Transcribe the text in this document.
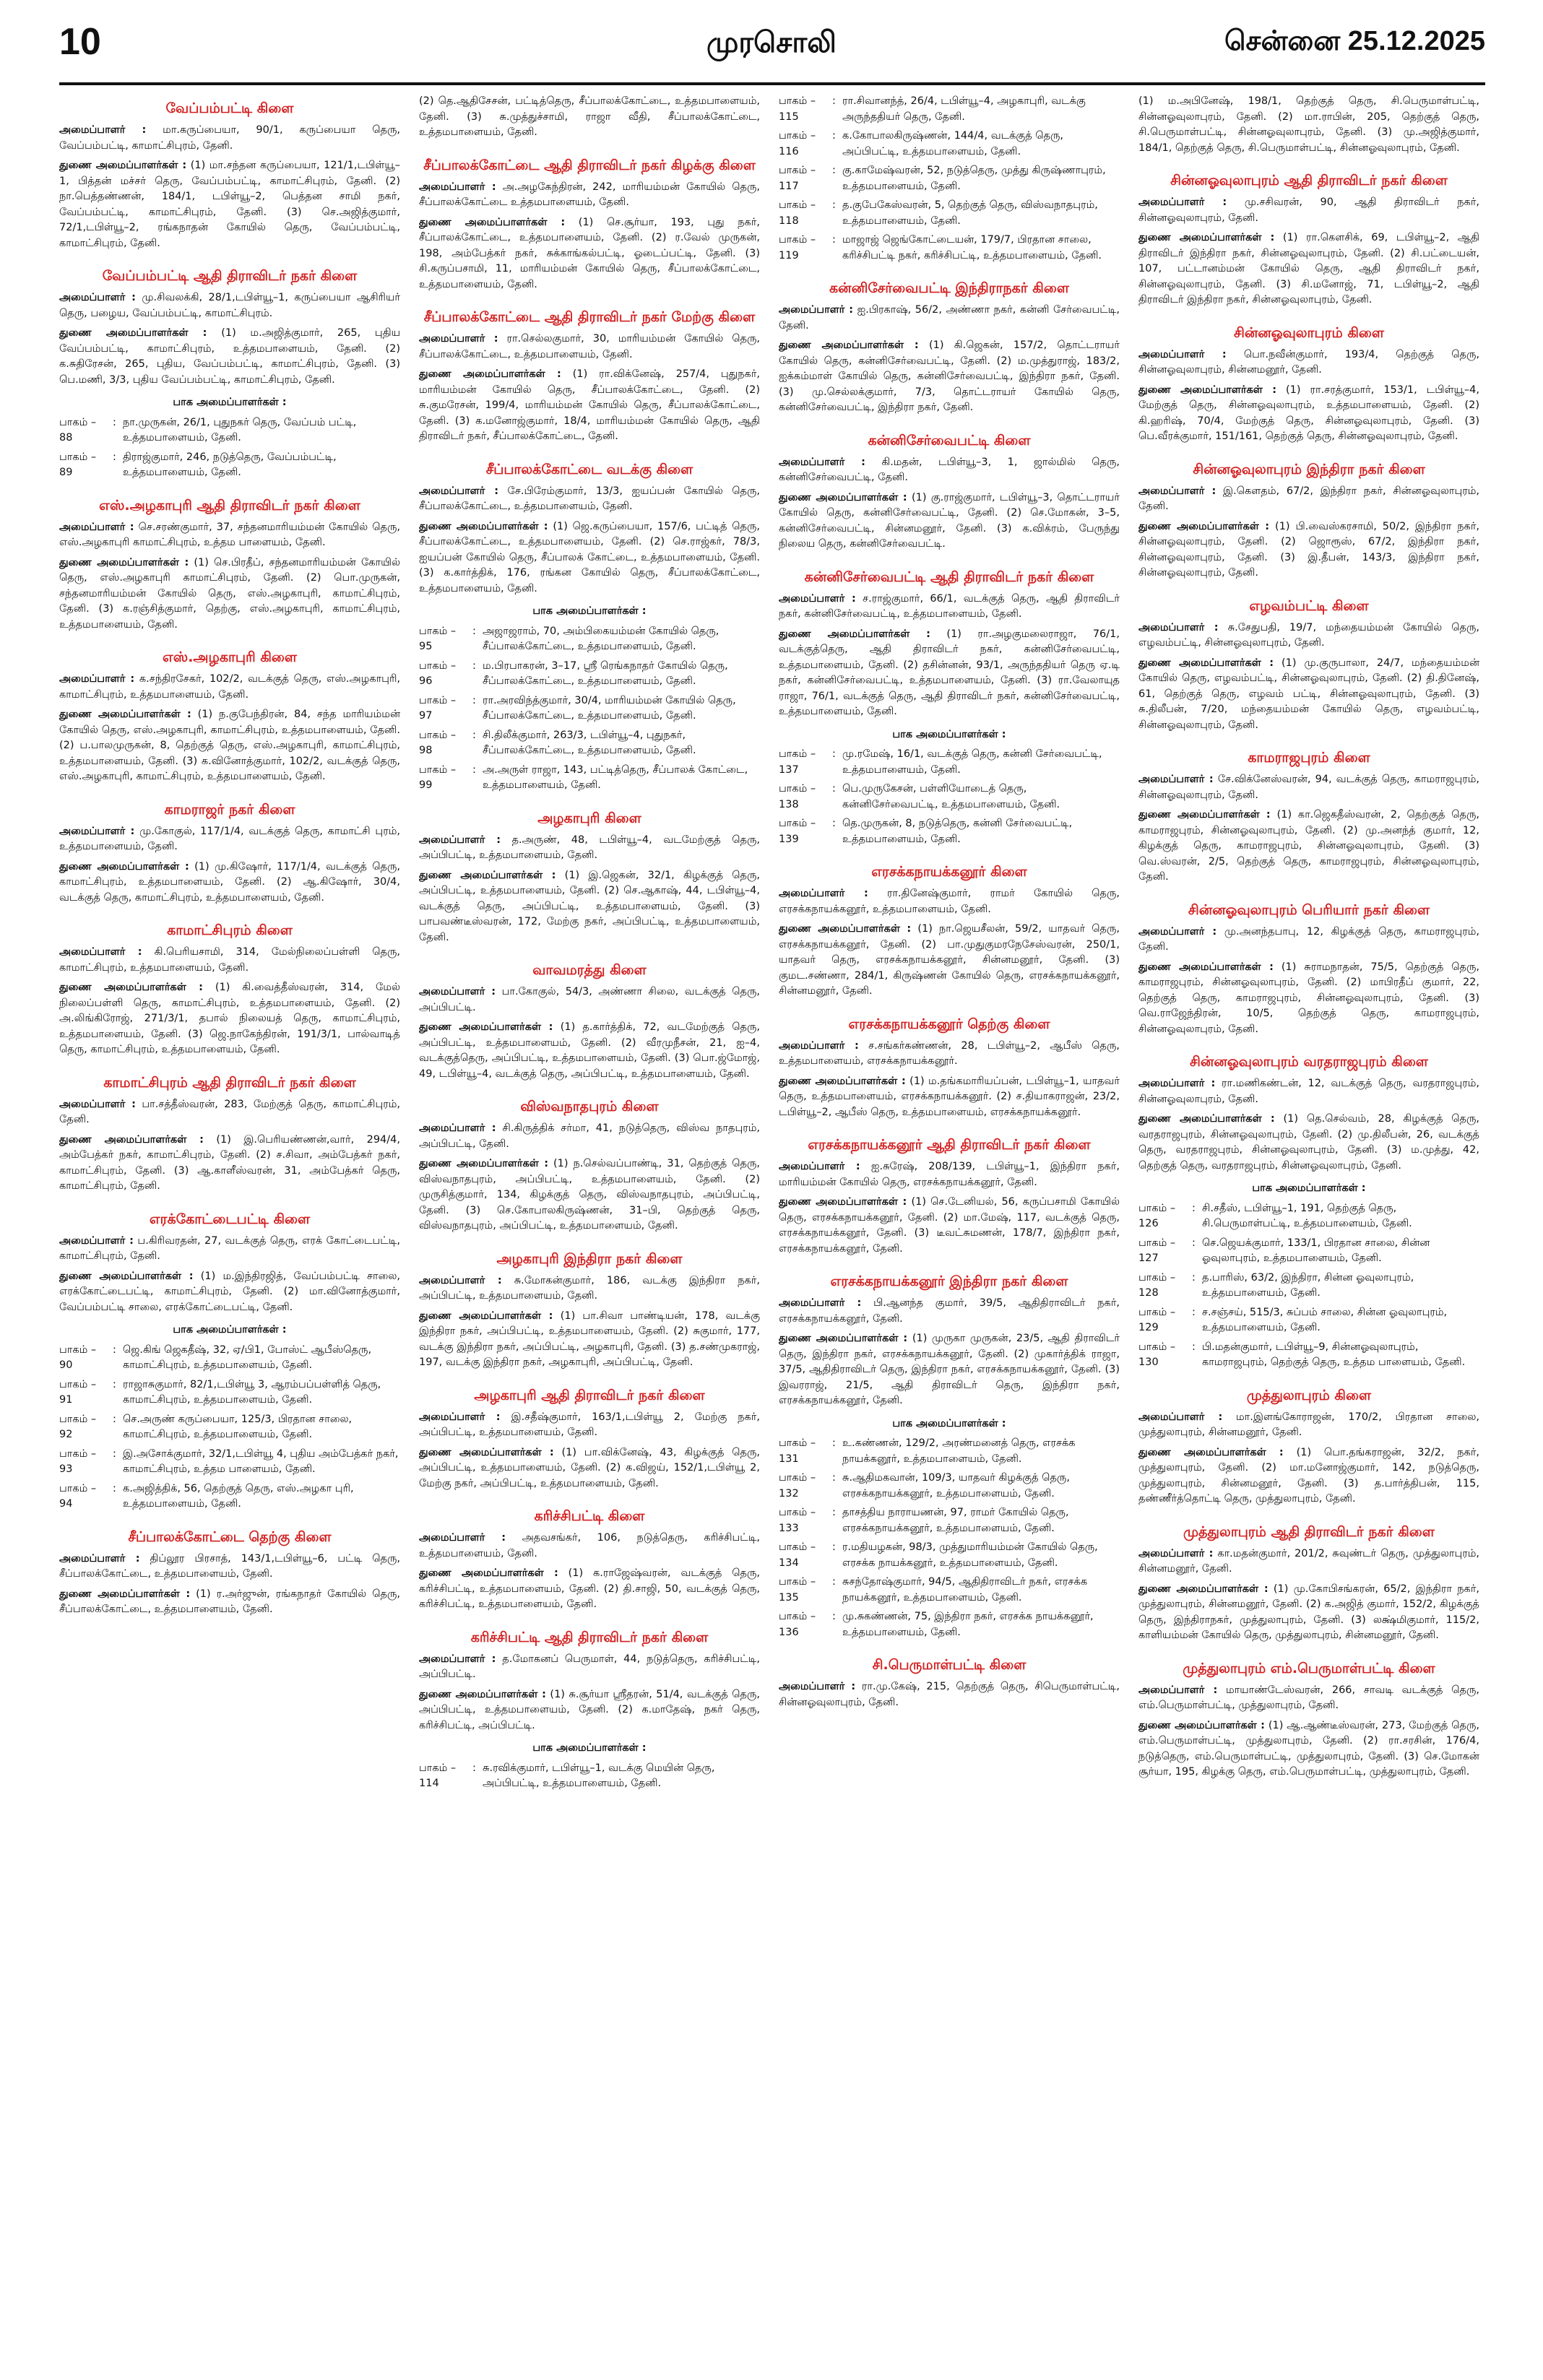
10	முரசொலி	சென்னை 25.12.2025
வேப்பம்பட்டி கிளை
அமைப்பாளர் : மா.கருப்பையா, 90/1, கருப்பையா தெரு, வேப்பம்பட்டி, காமாட்சிபுரம், தேனி.
துணை அமைப்பாளர்கள் : (1) மா.சந்தன கருப்பையா, 121/1,டபிள்யூ–1, பித்தன் மச்சர் தெரு, வேப்பம்பட்டி, காமாட்சிபுரம், தேனி. (2) நா.பெத்தண்ணன், 184/1, டபிள்யூ–2, பெத்தன சாமி நகர், வேப்பம்பட்டி, காமாட்சிபுரம், தேனி. (3) செ.அஜித்குமார், 72/1,டபிள்யூ–2, ரங்கநாதன் கோயில் தெரு, வேப்பம்பட்டி, காமாட்சிபுரம், தேனி.
வேப்பம்பட்டி ஆதி திராவிடர் நகர் கிளை
அமைப்பாளர் : மு.சிவலக்கி, 28/1,டபிள்யூ–1, கருப்பையா ஆசிரியர் தெரு, பழைய, வேப்பம்பட்டி, காமாட்சிபுரம்.
துணை அமைப்பாளர்கள் : (1) ம.அஜித்குமார், 265, புதிய வேப்பம்பட்டி, காமாட்சிபுரம், உத்தமபாளையம், தேனி. (2) க.சுதிரேசன், 265, புதிய, வேப்பம்பட்டி, காமாட்சிபுரம், தேனி. (3) பெ.மணி, 3/3, புதிய வேப்பம்பட்டி, காமாட்சிபுரம், தேனி.
பாக அமைப்பாளர்கள் :
பாகம் – 88
: நா.முருகன், 26/1, புதுநகர் தெரு, வேப்பம் பட்டி, உத்தமபாளையம், தேனி.
பாகம் – 89
: திராஜ்குமார், 246, நடுத்தெரு, வேப்பம்பட்டி, உத்தமபாளையம், தேனி.
எஸ்.அழகாபுரி ஆதி திராவிடர் நகர் கிளை
அமைப்பாளர் : செ.சரண்குமார், 37, சந்தனமாரியம்மன் கோயில் தெரு, எஸ்.அழகாபுரி காமாட்சிபுரம், உத்தம பாளையம், தேனி.
துணை அமைப்பாளர்கள் : (1) செ.பிரதீப், சந்தனமாரியம்மன் கோயில் தெரு, எஸ்.அழகாபுரி காமாட்சிபுரம், தேனி. (2) பொ.முருகன், சந்தனமாரியம்மன் கோயில் தெரு, எஸ்.அழகாபுரி, காமாட்சிபுரம், தேனி. (3) க.ரஞ்சித்குமார், தெற்கு, எஸ்.அழகாபுரி, காமாட்சிபுரம், உத்தமபாளையம், தேனி.
எஸ்.அழகாபுரி கிளை
அமைப்பாளர் : க.சந்திரசேகர், 102/2, வடக்குத் தெரு, எஸ்.அழகாபுரி, காமாட்சிபுரம், உத்தமபாளையம், தேனி.
துணை அமைப்பாளர்கள் : (1) ந.குபேந்திரன், 84, சந்த மாரியம்மன் கோயில் தெரு, எஸ்.அழகாபுரி, காமாட்சிபுரம், உத்தமபாளையம், தேனி. (2) ப.பாலமுருகன், 8, தெற்குத் தெரு, எஸ்.அழகாபுரி, காமாட்சிபுரம், உத்தமபாளையம், தேனி. (3) க.வினோத்குமார், 102/2, வடக்குத் தெரு, எஸ்.அழகாபுரி, காமாட்சிபுரம், உத்தமபாளையம், தேனி.
காமராஜர் நகர் கிளை
அமைப்பாளர் : மு.கோகுல், 117/1/4, வடக்குத் தெரு, காமாட்சி புரம், உத்தமபாளையம், தேனி.
துணை அமைப்பாளர்கள் : (1) மு.கிஷோர், 117/1/4, வடக்குத் தெரு, காமாட்சிபுரம், உத்தமபாளையம், தேனி. (2) ஆ.கிஷோர், 30/4, வடக்குத் தெரு, காமாட்சிபுரம், உத்தமபாளையம், தேனி.
காமாட்சிபுரம் கிளை
அமைப்பாளர் : கி.பெரியசாமி, 314, மேல்நிலைப்பள்ளி தெரு, காமாட்சிபுரம், உத்தமபாளையம், தேனி.
துணை அமைப்பாளர்கள் : (1) கி.வைத்தீஸ்வரன், 314, மேல் நிலைப்பள்ளி தெரு, காமாட்சிபுரம், உத்தமபாளையம், தேனி. (2) அ.லிங்கிரோஜ், 271/3/1, தபால் நிலையத் தெரு, காமாட்சிபுரம், உத்தமபாளையம், தேனி. (3) ஜெ.நாகேந்திரன், 191/3/1, பால்வாடித் தெரு, காமாட்சிபுரம், உத்தமபாளையம், தேனி.
காமாட்சிபுரம் ஆதி திராவிடர் நகர் கிளை
அமைப்பாளர் : பா.சத்தீஸ்வரன், 283, மேற்குத் தெரு, காமாட்சிபுரம், தேனி.
துணை அமைப்பாளர்கள் : (1) இ.பெரியண்ணன்,வார், 294/4, அம்பேத்கர் நகர், காமாட்சிபுரம், தேனி. (2) ச.சிவா, அம்பேத்கர் நகர், காமாட்சிபுரம், தேனி. (3) ஆ.காளீஸ்வரன், 31, அம்பேத்கர் தெரு, காமாட்சிபுரம், தேனி.
எரக்கோட்டைபட்டி கிளை
அமைப்பாளர் : ப.கிரிவரதன், 27, வடக்குத் தெரு, எரக் கோட்டைபட்டி, காமாட்சிபுரம், தேனி.
துணை அமைப்பாளர்கள் : (1) ம.இந்திரஜித், வேப்பம்பட்டி சாலை, எரக்கோட்டைபட்டி, காமாட்சிபுரம், தேனி. (2) மா.வினோத்குமார், வேப்பம்பட்டி சாலை, எரக்கோட்டைபட்டி, தேனி.
பாக அமைப்பாளர்கள் :
பாகம் – 90
: ஜெ.கிங் ஜெகதீஷ், 32, ஏ/பி1, போஸ்ட் ஆபீஸ்தெரு, காமாட்சிபுரம், உத்தமபாளையம், தேனி.
பாகம் – 91
: ராஜாசுகுமார், 82/1,டபிள்யூ 3, ஆரம்பப்பள்ளித் தெரு, காமாட்சிபுரம், உத்தமபாளையம், தேனி.
பாகம் – 92
: செ.அருண் கருப்பையா, 125/3, பிரதான சாலை, காமாட்சிபுரம், உத்தமபாளையம், தேனி.
பாகம் – 93
: இ.அசோக்குமார், 32/1,டபிள்யூ 4, புதிய அம்பேத்கர் நகர், காமாட்சிபுரம், உத்தம பாளையம், தேனி.
பாகம் – 94
: க.அஜித்திக், 56, தெற்குத் தெரு, எஸ்.அழகா புரி, உத்தமபாளையம், தேனி.
சீப்பாலக்கோட்டை தெற்கு கிளை
அமைப்பாளர் : திப்லூர பிரசாத், 143/1,டபிள்யூ–6, பட்டி தெரு, சீப்பாலக்கோட்டை, உத்தமபாளையம், தேனி.
துணை அமைப்பாளர்கள் : (1) ர.அர்ஜுன், ரங்கநாதர் கோயில் தெரு, சீப்பாலக்கோட்டை, உத்தமபாளையம், தேனி.
(2) தெ.ஆதிசேசன், பட்டித்தெரு, சீப்பாலக்கோட்டை, உத்தமபாளையம், தேனி. (3) சு.முத்துச்சாமி, ராஜா வீதி, சீப்பாலக்கோட்டை, உத்தமபாளையம், தேனி.
சீப்பாலக்கோட்டை ஆதி திராவிடர் நகர் கிழக்கு கிளை
அமைப்பாளர் : அ.அழகேந்திரன், 242, மாரியம்மன் கோயில் தெரு, சீப்பாலக்கோட்டை உத்தமபாளையம், தேனி.
துணை அமைப்பாளர்கள் : (1) செ.சூர்யா, 193, புது நகர், சீப்பாலக்கோட்டை, உத்தமபாளையம், தேனி. (2) ர.வேல் முருகன், 198, அம்பேத்கர் நகர், சுக்காங்கல்பட்டி, ஓடைப்பட்டி, தேனி. (3) சி.கருப்பசாமி, 11, மாரியம்மன் கோயில் தெரு, சீப்பாலக்கோட்டை, உத்தமபாளையம், தேனி.
சீப்பாலக்கோட்டை ஆதி திராவிடர் நகர் மேற்கு கிளை
அமைப்பாளர் : ரா.செல்லகுமார், 30, மாரியம்மன் கோயில் தெரு, சீப்பாலக்கோட்டை, உத்தமபாளையம், தேனி.
துணை அமைப்பாளர்கள் : (1) ரா.விக்னேஷ், 257/4, புதுநகர், மாரியம்மன் கோயில் தெரு, சீப்பாலக்கோட்டை, தேனி. (2) சு.குமரேசன், 199/4, மாரியம்மன் கோயில் தெரு, சீப்பாலக்கோட்டை, தேனி. (3) க.மனோஜ்குமார், 18/4, மாரியம்மன் கோயில் தெரு, ஆதி திராவிடர் நகர், சீப்பாலக்கோட்டை, தேனி.
சீப்பாலக்கோட்டை வடக்கு கிளை
அமைப்பாளர் : சே.பிரேம்குமார், 13/3, ஐயப்பன் கோயில் தெரு, சீப்பாலக்கோட்டை, உத்தமபாளையம், தேனி.
துணை அமைப்பாளர்கள் : (1) ஜெ.கருப்பையா, 157/6, பட்டித் தெரு, சீப்பாலக்கோட்டை, உத்தமபாளையம், தேனி. (2) செ.ராஜ்கர், 78/3, ஐயப்பன் கோயில் தெரு, சீப்பாலக் கோட்டை, உத்தமபாளையம், தேனி. (3) க.கார்த்திக், 176, ரங்கன கோயில் தெரு, சீப்பாலக்கோட்டை, உத்தமபாளையம், தேனி.
பாக அமைப்பாளர்கள் :
பாகம் – 95
: அஜாஜராம், 70, அம்பிகையம்மன் கோயில் தெரு, சீப்பாலக்கோட்டை, உத்தமபாளையம், தேனி.
பாகம் – 96
: ம.பிரபாகரன், 3–17, ஸ்ரீ ரெங்கநாதர் கோயில் தெரு, சீப்பாலக்கோட்டை, உத்தமபாளையம், தேனி.
பாகம் – 97
: ரா.அரவிந்த்குமார், 30/4, மாரியம்மன் கோயில் தெரு, சீப்பாலக்கோட்டை, உத்தமபாளையம், தேனி.
பாகம் – 98
: சி.திலீக்குமார், 263/3, டபிள்யூ–4, புதுநகர், சீப்பாலக்கோட்டை, உத்தமபாளையம், தேனி.
பாகம் – 99
: அ.அருள் ராஜா, 143, பட்டித்தெரு, சீப்பாலக் கோட்டை, உத்தமபாளையம், தேனி.
அழகாபுரி கிளை
அமைப்பாளர் : த.அருண், 48, டபிள்யூ–4, வடமேற்குத் தெரு, அப்பிபட்டி, உத்தமபாளையம், தேனி.
துணை அமைப்பாளர்கள் : (1) இ.ஜெகன், 32/1, கிழக்குத் தெரு, அப்பிபட்டி, உத்தமபாளையம், தேனி. (2) செ.ஆகாஷ், 44, டபிள்யூ–4, வடக்குத் தெரு, அப்பிபட்டி, உத்தமபாளையம், தேனி. (3) பாபவண்டீஸ்வரன், 172, மேற்கு நகர், அப்பிபட்டி, உத்தமபாளையம், தேனி.
வாவமரத்து கிளை
அமைப்பாளர் : பா.கோகுல், 54/3, அண்ணா சிலை, வடக்குத் தெரு, அப்பிபட்டி.
துணை அமைப்பாளர்கள் : (1) த.கார்த்திக், 72, வடமேற்குத் தெரு, அப்பிபட்டி, உத்தமபாளையம், தேனி. (2) வீரமுநீசன், 21, ஐ–4, வடக்குத்தெரு, அப்பிபட்டி, உத்தமபாளையம், தேனி. (3) பொ.ஜ்மோஜ், 49, டபிள்யூ–4, வடக்குத் தெரு, அப்பிபட்டி, உத்தமபாளையம், தேனி.
விஸ்வநாதபுரம் கிளை
அமைப்பாளர் : சி.கிருத்திக் சர்மா, 41, நடுத்தெரு, விஸ்வ நாதபுரம், அப்பிபட்டி, தேனி.
துணை அமைப்பாளர்கள் : (1) ந.செல்வப்பாண்டி, 31, தெற்குத் தெரு, விஸ்வநாதபுரம், அப்பிபட்டி, உத்தமபாளையம், தேனி. (2) முருசித்குமார், 134, கிழக்குத் தெரு, விஸ்வநாதபுரம், அப்பிபட்டி, தேனி. (3) செ.கோபாலகிருஷ்ணன், 31–பி, தெற்குத் தெரு, விஸ்வநாதபுரம், அப்பிபட்டி, உத்தமபாளையம், தேனி.
அழகாபுரி இந்திரா நகர் கிளை
அமைப்பாளர் : சு.மோகன்குமார், 186, வடக்கு இந்திரா நகர், அப்பிபட்டி, உத்தமபாளையம், தேனி.
துணை அமைப்பாளர்கள் : (1) பா.சிவா பாண்டியன், 178, வடக்கு இந்திரா நகர், அப்பிபட்டி, உத்தமபாளையம், தேனி. (2) சுகுமார், 177, வடக்கு இந்திரா நகர், அப்பிபட்டி, அழகாபுரி, தேனி. (3) த.சண்முகராஜ், 197, வடக்கு இந்திரா நகர், அழகாபுரி, அப்பிபட்டி, தேனி.
அழகாபுரி ஆதி திராவிடர் நகர் கிளை
அமைப்பாளர் : இ.சதீஷ்குமார், 163/1,டபிள்யூ 2, மேற்கு நகர், அப்பிபட்டி, உத்தமபாளையம், தேனி.
துணை அமைப்பாளர்கள் : (1) பா.விக்னேஷ், 43, கிழக்குத் தெரு, அப்பிபட்டி, உத்தமபாளையம், தேனி. (2) க.விஜய், 152/1,டபிள்யூ 2, மேற்கு நகர், அப்பிபட்டி, உத்தமபாளையம், தேனி.
கரிச்சிபட்டி கிளை
அமைப்பாளர் : அதவசங்கர், 106, நடுத்தெரு, கரிச்சிபட்டி, உத்தமபாளையம், தேனி.
துணை அமைப்பாளர்கள் : (1) க.ராஜேஷ்வரன், வடக்குத் தெரு, கரிச்சிபட்டி, உத்தமபாளையம், தேனி. (2) தி.சாஜி, 50, வடக்குத் தெரு, கரிச்சிபட்டி, உத்தமபாளையம், தேனி.
கரிச்சிபட்டி ஆதி திராவிடர் நகர் கிளை
அமைப்பாளர் : த.மோகனப் பெருமாள், 44, நடுத்தெரு, கரிச்சிபட்டி, அப்பிபட்டி.
துணை அமைப்பாளர்கள் : (1) சு.சூர்யா ஸ்ரீதரன், 51/4, வடக்குத் தெரு, அப்பிபட்டி, உத்தமபாளையம், தேனி. (2) க.மாதேஷ், நகர் தெரு, கரிச்சிபட்டி, அப்பிபட்டி.
பாக அமைப்பாளர்கள் :
பாகம் – 114
: சு.ரவிக்குமார், டபிள்யூ–1, வடக்கு மெயின் தெரு, அப்பிபட்டி, உத்தமபாளையம், தேனி.
பாகம் – 115
: ரா.சிவானந்த், 26/4, டபிள்யூ–4, அழகாபுரி, வடக்கு அருந்ததியர் தெரு, தேனி.
பாகம் – 116
: க.கோபாலகிருஷ்ணன், 144/4, வடக்குத் தெரு, அப்பிபட்டி, உத்தமபாளையம், தேனி.
பாகம் – 117
: கு.காமேஷ்வரன், 52, நடுத்தெரு, முத்து கிருஷ்ணாபுரம், உத்தமபாளையம், தேனி.
பாகம் – 118
: த.குபேகேஸ்வரன், 5, தெற்குத் தெரு, விஸ்வநாதபுரம், உத்தமபாளையம், தேனி.
பாகம் – 119
: மாஜாஜ் ஜெங்கோட்டையன், 179/7, பிரதான சாலை, கரிச்சிபட்டி நகர், கரிச்சிபட்டி, உத்தமபாளையம், தேனி.
கன்னிசேர்வைபட்டி இந்திராநகர் கிளை
அமைப்பாளர் : ஐ.பிரகாஷ், 56/2, அண்ணா நகர், கன்னி சேர்வைபட்டி, தேனி.
துணை அமைப்பாளர்கள் : (1) கி.ஜெகன், 157/2, தொட்டராயர் கோயில் தெரு, கன்னிசேர்வைபட்டி, தேனி. (2) ம.முத்துராஜ், 183/2, ஐக்கம்மாள் கோயில் தெரு, கன்னிசேர்வைபட்டி, இந்திரா நகர், தேனி. (3) மு.செல்லக்குமார், 7/3, தொட்டராயர் கோயில் தெரு, கன்னிசேர்வைபட்டி, இந்திரா நகர், தேனி.
கன்னிசேர்வைபட்டி கிளை
அமைப்பாளர் : கி.மதன், டபிள்யூ–3, 1, ஜால்மில் தெரு, கன்னிசேர்வைபட்டி, தேனி.
துணை அமைப்பாளர்கள் : (1) கு.ராஜ்குமார், டபிள்யூ–3, தொட்டராயர் கோயில் தெரு, கன்னிசேர்வைபட்டி, தேனி. (2) செ.மோகன், 3–5, கன்னிசேர்வைபட்டி, சின்னமனூர், தேனி. (3) க.விக்ரம், பேருந்து நிலைய தெரு, கன்னிசேர்வைபட்டி.
கன்னிசேர்வைபட்டி ஆதி திராவிடர் நகர் கிளை
அமைப்பாளர் : ச.ராஜ்குமார், 66/1, வடக்குத் தெரு, ஆதி திராவிடர் நகர், கன்னிசேர்வைபட்டி, உத்தமபாளையம், தேனி.
துணை அமைப்பாளர்கள் : (1) ரா.அழகுமலைராஜா, 76/1, வடக்குத்தெரு, ஆதி திராவிடர் நகர், கன்னிசேர்வைபட்டி, உத்தமபாளையம், தேனி. (2) தசின்னன், 93/1, அருந்ததியர் தெரு ஏ.டி நகர், கன்னிசேர்வைபட்டி, உத்தமபாளையம், தேனி. (3) ரா.வேலாயுத ராஜா, 76/1, வடக்குத் தெரு, ஆதி திராவிடர் நகர், கன்னிசேர்வைபட்டி, உத்தமபாளையம், தேனி.
பாக அமைப்பாளர்கள் :
பாகம் – 137
: மு.ரமேஷ், 16/1, வடக்குத் தெரு, கன்னி சேர்வைபட்டி, உத்தமபாளையம், தேனி.
பாகம் – 138
: பெ.முருகேசன், பள்ளியோடைத் தெரு, கன்னிசேர்வைபட்டி, உத்தமபாளையம், தேனி.
பாகம் – 139
: தெ.முருகன், 8, நடுத்தெரு, கன்னி சேர்வைபட்டி, உத்தமபாளையம், தேனி.
எரசக்கநாயக்கனூர் கிளை
அமைப்பாளர் : ரா.தினேஷ்குமார், ராமர் கோயில் தெரு, எரசக்கநாயக்கனூர், உத்தமபாளையம், தேனி.
துணை அமைப்பாளர்கள் : (1) நா.ஜெயசீலன், 59/2, யாதவர் தெரு, எரசக்கநாயக்கனூர், தேனி. (2) பா.முதுகுமரநேசேஸ்வரன், 250/1, யாதவர் தெரு, எரசக்கநாயக்கனூர், சின்னமனூர், தேனி. (3) குமட.சண்ணா, 284/1, கிருஷ்ணன் கோயில் தெரு, எரசக்கநாயக்கனூர், சின்னமனூர், தேனி.
எரசக்கநாயக்கனூர் தெற்கு கிளை
அமைப்பாளர் : ச.சங்கர்கண்ணன், 28, டபிள்யூ–2, ஆபீஸ் தெரு, உத்தமபாளையம், எரசக்கநாயக்கனூர்.
துணை அமைப்பாளர்கள் : (1) ம.தங்கமாரியப்பன், டபிள்யூ–1, யாதவர் தெரு, உத்தமபாளையம், எரசக்கநாயக்கனூர். (2) ச.தியாகராஜன், 23/2, டபிள்யூ–2, ஆபீஸ் தெரு, உத்தமபாளையம், எரசக்கநாயக்கனூர்.
எரசக்கநாயக்கனூர் ஆதி திராவிடர் நகர் கிளை
அமைப்பாளர் : ஐ.சுரேஷ், 208/139, டபிள்யூ–1, இந்திரா நகர், மாரியம்மன் கோயில் தெரு, எரசக்கநாயக்கனூர், தேனி.
துணை அமைப்பாளர்கள் : (1) செ.டேனியல், 56, கருப்பசாமி கோயில் தெரு, எரசக்கநாயக்கனூர், தேனி. (2) மா.மேஷ், 117, வடக்குத் தெரு, எரசக்கநாயக்கனூர், தேனி. (3) டீவட்சுமணன், 178/7, இந்திரா நகர், எரசக்கநாயக்கனூர், தேனி.
எரசக்கநாயக்கனூர் இந்திரா நகர் கிளை
அமைப்பாளர் : பி.ஆனந்த குமார், 39/5, ஆதிதிராவிடர் நகர், எரசக்கநாயக்கனூர், தேனி.
துணை அமைப்பாளர்கள் : (1) முருகா முருகன், 23/5, ஆதி திராவிடர் தெரு, இந்திரா நகர், எரசக்கநாயக்கனூர், தேனி. (2) முகார்த்திக் ராஜா, 37/5, ஆதிதிராவிடர் தெரு, இந்திரா நகர், எரசக்கநாயக்கனூர், தேனி. (3) இவரராஜ், 21/5, ஆதி திராவிடர் தெரு, இந்திரா நகர், எரசக்கநாயக்கனூர், தேனி.
பாக அமைப்பாளர்கள் :
பாகம் – 131
: உ.கண்ணன், 129/2, அரண்மனைத் தெரு, எரசக்க நாயக்கனூர், உத்தமபாளையம், தேனி.
பாகம் – 132
: சு.ஆதிமகவான், 109/3, யாதவர் கிழக்குத் தெரு, எரசக்கநாயக்கனூர், உத்தமபாளையம், தேனி.
பாகம் – 133
: தாசத்திய நாராயணன், 97, ராமர் கோயில் தெரு, எரசக்கநாயக்கனூர், உத்தமபாளையம், தேனி.
பாகம் – 134
: ர.மதியழகன், 98/3, முத்துமாரியம்மன் கோயில் தெரு, எரசக்க நாயக்கனூர், உத்தமபாளையம், தேனி.
பாகம் – 135
: சுசந்தோஷ்குமார், 94/5, ஆதிதிராவிடர் நகர், எரசக்க நாயக்கனூர், உத்தமபாளையம், தேனி.
பாகம் – 136
: மு.சுகண்ணன், 75, இந்திரா நகர், எரசக்க நாயக்கனூர், உத்தமபாளையம், தேனி.
சி.பெருமாள்பட்டி கிளை
அமைப்பாளர் : ரா.மு.கேஷ், 215, தெற்குத் தெரு, சிபெருமாள்பட்டி, சின்னஓவுலாபுரம், தேனி.
(1) ம.அபினேஷ், 198/1, தெற்குத் தெரு, சி.பெருமாள்பட்டி, சின்னஓவுலாபுரம், தேனி. (2) மா.ராபின், 205, தெற்குத் தெரு, சி.பெருமாள்பட்டி, சின்னஓவுலாபுரம், தேனி. (3) மு.அஜித்குமார், 184/1, தெற்குத் தெரு, சி.பெருமாள்பட்டி, சின்னஓவுலாபுரம், தேனி.
சின்னஓவுலாபுரம் ஆதி திராவிடர் நகர் கிளை
அமைப்பாளர் : மு.சசிவரன், 90, ஆதி திராவிடர் நகர், சின்னஓவுலாபுரம், தேனி.
துணை அமைப்பாளர்கள் : (1) ரா.கௌசிக், 69, டபிள்யூ–2, ஆதி திராவிடர் இந்திரா நகர், சின்னஓவுலாபுரம், தேனி. (2) சி.பட்டையன், 107, பட்டானம்மன் கோயில் தெரு, ஆதி திராவிடர் நகர், சின்னஓவுலாபுரம், தேனி. (3) சி.மனோஜ், 71, டபிள்யூ–2, ஆதி திராவிடர் இந்திரா நகர், சின்னஓவுலாபுரம், தேனி.
சின்னஓவுலாபுரம் கிளை
அமைப்பாளர் : பொ.நவீன்குமார், 193/4, தெற்குத் தெரு, சின்னஓவுலாபுரம், சின்னமனூர், தேனி.
துணை அமைப்பாளர்கள் : (1) ரா.சரத்குமார், 153/1, டபிள்யூ–4, மேற்குத் தெரு, சின்னஓவுலாபுரம், உத்தமபாளையம், தேனி. (2) கி.ஹரிஷ், 70/4, மேற்குத் தெரு, சின்னஓவுலாபுரம், தேனி. (3) பெ.வீரக்குமார், 151/161, தெற்குத் தெரு, சின்னஓவுலாபுரம், தேனி.
சின்னஓவுலாபுரம் இந்திரா நகர் கிளை
அமைப்பாளர் : இ.கௌதம், 67/2, இந்திரா நகர், சின்னஓவுலாபுரம், தேனி.
துணை அமைப்பாளர்கள் : (1) பி.வைஸ்கரசாமி, 50/2, இந்திரா நகர், சின்னஓவுலாபுரம், தேனி. (2) ஜொரூஸ், 67/2, இந்திரா நகர், சின்னஓவுலாபுரம், தேனி. (3) இ.தீபன், 143/3, இந்திரா நகர், சின்னஓவுலாபுரம், தேனி.
எழவம்பட்டி கிளை
அமைப்பாளர் : சு.சேதுபதி, 19/7, மந்தையம்மன் கோயில் தெரு, எழவம்பட்டி, சின்னஓவுலாபுரம், தேனி.
துணை அமைப்பாளர்கள் : (1) மு.குருபாலா, 24/7, மந்தையம்மன் கோயில் தெரு, எழவம்பட்டி, சின்னஓவுலாபுரம், தேனி. (2) தி.தினேஷ், 61, தெற்குத் தெரு, எழவம் பட்டி, சின்னஓவுலாபுரம், தேனி. (3) சு.திலீபன், 7/20, மந்தையம்மன் கோயில் தெரு, எழவம்பட்டி, சின்னஓவுலாபுரம், தேனி.
காமராஜபுரம் கிளை
அமைப்பாளர் : சே.விக்னேஸ்வரன், 94, வடக்குத் தெரு, காமராஜபுரம், சின்னஓவுலாபுரம், தேனி.
துணை அமைப்பாளர்கள் : (1) கா.ஜெகதீஸ்வரன், 2, தெற்குத் தெரு, காமராஜபுரம், சின்னஓவுலாபுரம், தேனி. (2) மு.அனந்த் குமார், 12, கிழக்குத் தெரு, காமராஜபுரம், சின்னஓவுலாபுரம், தேனி. (3) வெ.ஸ்வரன், 2/5, தெற்குத் தெரு, காமராஜபுரம், சின்னஓவுலாபுரம், தேனி.
சின்னஓவுலாபுரம் பெரியார் நகர் கிளை
அமைப்பாளர் : மு.அனந்தபாபு, 12, கிழக்குத் தெரு, காமராஜபுரம், தேனி.
துணை அமைப்பாளர்கள் : (1) சுராமநாதன், 75/5, தெற்குத் தெரு, காமராஜபுரம், சின்னஓவுலாபுரம், தேனி. (2) மாபிரதீப் குமார், 22, தெற்குத் தெரு, காமராஜபுரம், சின்னஓவுலாபுரம், தேனி. (3) வெ.ராஜேந்திரன், 10/5, தெற்குத் தெரு, காமராஜபுரம், சின்னஓவுலாபுரம், தேனி.
சின்னஓவுலாபுரம் வரதராஜபுரம் கிளை
அமைப்பாளர் : ரா.மணிகண்டன், 12, வடக்குத் தெரு, வரதராஜபுரம், சின்னஓவுலாபுரம், தேனி.
துணை அமைப்பாளர்கள் : (1) தெ.செல்வம், 28, கிழக்குத் தெரு, வரதராஜபுரம், சின்னஓவுலாபுரம், தேனி. (2) மு.திலீபன், 26, வடக்குத் தெரு, வரதராஜபுரம், சின்னஓவுலாபுரம், தேனி. (3) ம.முத்து, 42, தெற்குத் தெரு, வரதராஜபுரம், சின்னஓவுலாபுரம், தேனி.
பாக அமைப்பாளர்கள் :
பாகம் – 126
: சி.சதீஸ், டபிள்யூ–1, 191, தெற்குத் தெரு, சி.பெருமாள்பட்டி, உத்தமபாளையம், தேனி.
பாகம் – 127
: செ.ஜெயக்குமார், 133/1, பிரதான சாலை, சின்ன ஓவுலாபுரம், உத்தமபாளையம், தேனி.
பாகம் – 128
: த.பாரிஸ், 63/2, இந்திரா, சின்ன ஓவுலாபுரம், உத்தமபாளையம், தேனி.
பாகம் – 129
: ச.சஞ்சய், 515/3, சுப்பம் சாலை, சின்ன ஓவுலாபுரம், உத்தமபாளையம், தேனி.
பாகம் – 130
: பி.மதன்குமார், டபிள்யூ–9, சின்னஓவுலாபுரம், காமராஜபுரம், தெற்குத் தெரு, உத்தம பாளையம், தேனி.
முத்துலாபுரம் கிளை
அமைப்பாளர் : மா.இளங்கோராஜன், 170/2, பிரதான சாலை, முத்துலாபுரம், சின்னமனூர், தேனி.
துணை அமைப்பாளர்கள் : (1) பொ.தங்கராஜன், 32/2, நகர், முத்துலாபுரம், தேனி. (2) மா.மனோஜ்குமார், 142, நடுத்தெரு, முத்துலாபுரம், சின்னமனூர், தேனி. (3) த.பார்த்திபன், 115, தண்ணீர்த்தொட்டி தெரு, முத்துலாபுரம், தேனி.
முத்துலாபுரம் ஆதி திராவிடர் நகர் கிளை
அமைப்பாளர் : கா.மதன்குமார், 201/2, சுவுண்டர் தெரு, முத்துலாபுரம், சின்னமனூர், தேனி.
துணை அமைப்பாளர்கள் : (1) மு.கோபிசங்கரன், 65/2, இந்திரா நகர், முத்துலாபுரம், சின்னமனூர், தேனி. (2) க.அஜித் குமார், 152/2, கிழக்குத் தெரு, இந்திராநகர், முத்துலாபுரம், தேனி. (3) லக்ஷ்மிகுமார், 115/2, காளியம்மன் கோயில் தெரு, முத்துலாபுரம், சின்னமனூர், தேனி.
முத்துலாபுரம் எம்.பெருமாள்பட்டி கிளை
அமைப்பாளர் : மாயாண்டேஸ்வரன், 266, சாவடி வடக்குத் தெரு, எம்.பெருமாள்பட்டி, முத்துலாபுரம், தேனி.
துணை அமைப்பாளர்கள் : (1) ஆ.ஆண்டீஸ்வரன், 273, மேற்குத் தெரு, எம்.பெருமாள்பட்டி, முத்துலாபுரம், தேனி. (2) ரா.சரசின், 176/4, நடுத்தெரு, எம்.பெருமாள்பட்டி, முத்துலாபுரம், தேனி. (3) செ.மோகன் சூர்யா, 195, கிழக்கு தெரு, எம்.பெருமாள்பட்டி, முத்துலாபுரம், தேனி.
